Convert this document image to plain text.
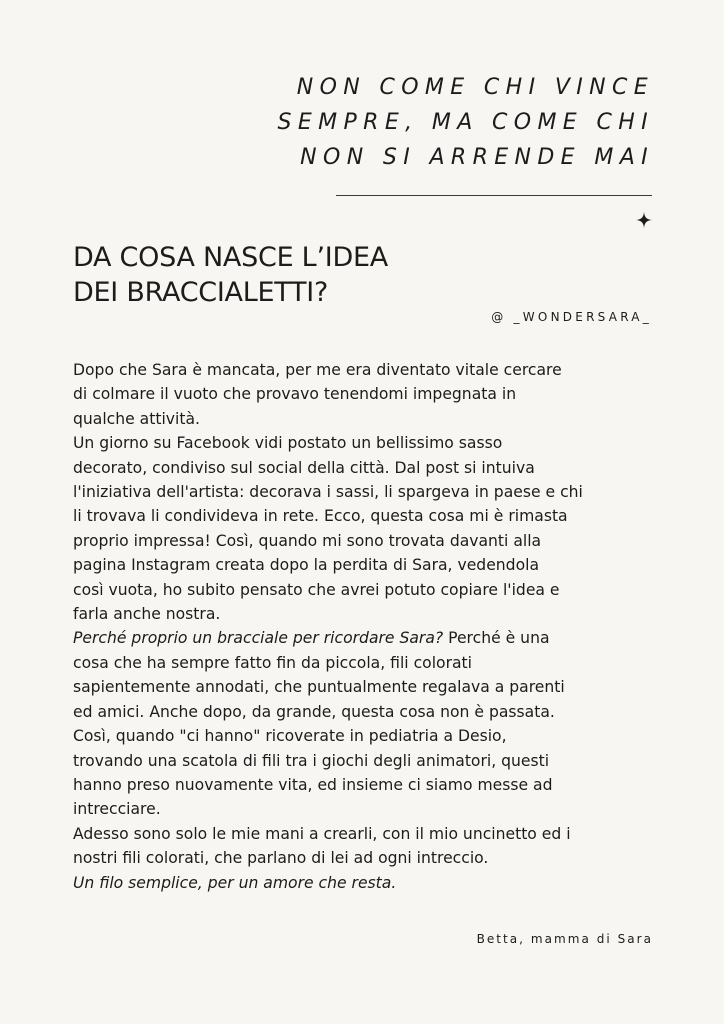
NON COME CHI VINCE
SEMPRE, MA COME CHI
NON SI ARRENDE MAI

DA COSA NASCE L’IDEA
DEI BRACCIALETTI?

@ _WONDERSARA_

Dopo che Sara è mancata, per me era diventato vitale cercare
di colmare il vuoto che provavo tenendomi impegnata in
qualche attività.
Un giorno su Facebook vidi postato un bellissimo sasso
decorato, condiviso sul social della città. Dal post si intuiva
l'iniziativa dell'artista: decorava i sassi, li spargeva in paese e chi
li trovava li condivideva in rete. Ecco, questa cosa mi è rimasta
proprio impressa! Così, quando mi sono trovata davanti alla
pagina Instagram creata dopo la perdita di Sara, vedendola
così vuota, ho subito pensato che avrei potuto copiare l'idea e
farla anche nostra.
Perché proprio un bracciale per ricordare Sara? Perché è una
cosa che ha sempre fatto fin da piccola, fili colorati
sapientemente annodati, che puntualmente regalava a parenti
ed amici. Anche dopo, da grande, questa cosa non è passata.
Così, quando "ci hanno" ricoverate in pediatria a Desio,
trovando una scatola di fili tra i giochi degli animatori, questi
hanno preso nuovamente vita, ed insieme ci siamo messe ad
intrecciare.
Adesso sono solo le mie mani a crearli, con il mio uncinetto ed i
nostri fili colorati, che parlano di lei ad ogni intreccio.
Un filo semplice, per un amore che resta.

Betta, mamma di Sara
